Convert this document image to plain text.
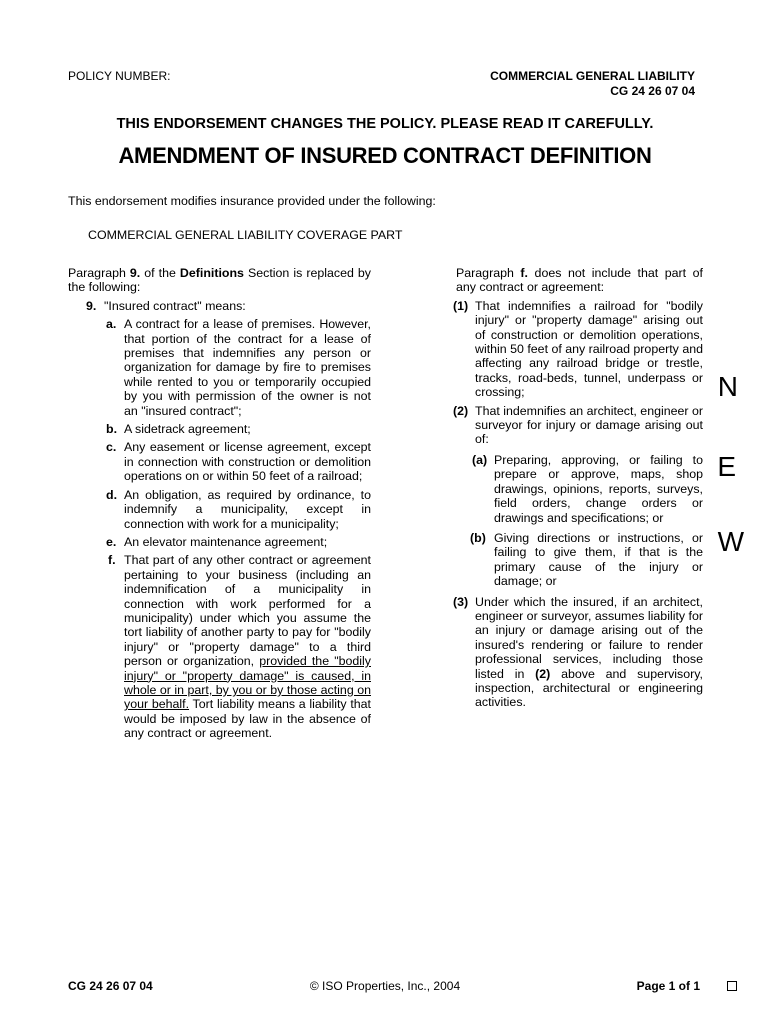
POLICY NUMBER:	COMMERCIAL GENERAL LIABILITY
CG 24 26 07 04
THIS ENDORSEMENT CHANGES THE POLICY. PLEASE READ IT CAREFULLY.
AMENDMENT OF INSURED CONTRACT DEFINITION
This endorsement modifies insurance provided under the following:
COMMERCIAL GENERAL LIABILITY COVERAGE PART

Paragraph 9. of the Definitions Section is replaced by the following:

9. "Insured contract" means:
a. A contract for a lease of premises. However, that portion of the contract for a lease of premises that indemnifies any person or organization for damage by fire to premises while rented to you or temporarily occupied by you with permission of the owner is not an "insured contract";
b. A sidetrack agreement;
c. Any easement or license agreement, except in connection with construction or demolition operations on or within 50 feet of a railroad;
d. An obligation, as required by ordinance, to indemnify a municipality, except in connection with work for a municipality;
e. An elevator maintenance agreement;
f. That part of any other contract or agreement pertaining to your business (including an indemnification of a municipality in connection with work performed for a municipality) under which you assume the tort liability of another party to pay for "bodily injury" or "property damage" to a third person or organization, provided the "bodily injury" or "property damage" is caused, in whole or in part, by you or by those acting on your behalf. Tort liability means a liability that would be imposed by law in the absence of any contract or agreement.

Paragraph f. does not include that part of any contract or agreement:

(1) That indemnifies a railroad for "bodily injury" or "property damage" arising out of construction or demolition operations, within 50 feet of any railroad property and affecting any railroad bridge or trestle, tracks, road-beds, tunnel, underpass or crossing;
(2) That indemnifies an architect, engineer or surveyor for injury or damage arising out of:
(a) Preparing, approving, or failing to prepare or approve, maps, shop drawings, opinions, reports, surveys, field orders, change orders or drawings and specifications; or
(b) Giving directions or instructions, or failing to give them, if that is the primary cause of the injury or damage; or
(3) Under which the insured, if an architect, engineer or surveyor, assumes liability for an injury or damage arising out of the insured's rendering or failure to render professional services, including those listed in (2) above and supervisory, inspection, architectural or engineering activities.
N
E
W
CG 24 26 07 04	© ISO Properties, Inc., 2004	Page 1 of 1
